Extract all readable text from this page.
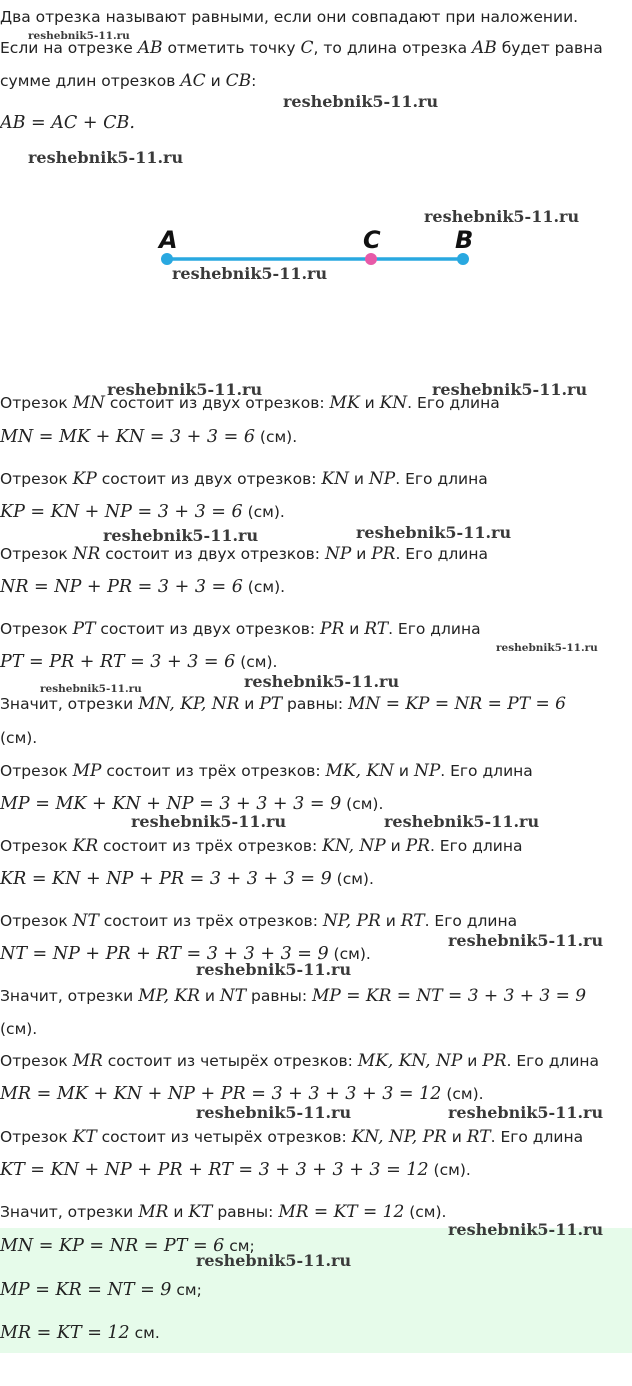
Два отрезка называют равными, если они совпадают при наложении.
Если на отрезке AB отметить точку C, то длина отрезка AB будет равна
сумме длин отрезков AC и CB:
AB = AC + CB.
A	C	B
Отрезок MN состоит из двух отрезков: MK и KN. Его длина
MN = MK + KN = 3 + 3 = 6 (см).
Отрезок KP состоит из двух отрезков: KN и NP. Его длина
KP = KN + NP = 3 + 3 = 6 (см).
Отрезок NR состоит из двух отрезков: NP и PR. Его длина
NR = NP + PR = 3 + 3 = 6 (см).
Отрезок PT состоит из двух отрезков: PR и RT. Его длина
PT = PR + RT = 3 + 3 = 6 (см).
Значит, отрезки MN, KP, NR и PT равны: MN = KP = NR = PT = 6
(см).
Отрезок MP состоит из трёх отрезков: MK, KN и NP. Его длина
MP = MK + KN + NP = 3 + 3 + 3 = 9 (см).
Отрезок KR состоит из трёх отрезков: KN, NP и PR. Его длина
KR = KN + NP + PR = 3 + 3 + 3 = 9 (см).
Отрезок NT состоит из трёх отрезков: NP, PR и RT. Его длина
NT = NP + PR + RT = 3 + 3 + 3 = 9 (см).
Значит, отрезки MP, KR и NT равны: MP = KR = NT = 3 + 3 + 3 = 9
(см).
Отрезок MR состоит из четырёх отрезков: MK, KN, NP и PR. Его длина
MR = MK + KN + NP + PR = 3 + 3 + 3 + 3 = 12 (см).
Отрезок KT состоит из четырёх отрезков: KN, NP, PR и RT. Его длина
KT = KN + NP + PR + RT = 3 + 3 + 3 + 3 = 12 (см).
Значит, отрезки MR и KT равны: MR = KT = 12 (см).
MN = KP = NR = PT = 6 см;
MP = KR = NT = 9 см;
MR = KT = 12 см.
reshebnik5-11.ru
reshebnik5-11.ru
reshebnik5-11.ru
reshebnik5-11.ru
reshebnik5-11.ru
reshebnik5-11.ru	reshebnik5-11.ru
reshebnik5-11.ru	reshebnik5-11.ru
reshebnik5-11.ru
reshebnik5-11.ru	reshebnik5-11.ru
reshebnik5-11.ru	reshebnik5-11.ru
reshebnik5-11.ru
reshebnik5-11.ru
reshebnik5-11.ru	reshebnik5-11.ru
reshebnik5-11.ru
reshebnik5-11.ru
